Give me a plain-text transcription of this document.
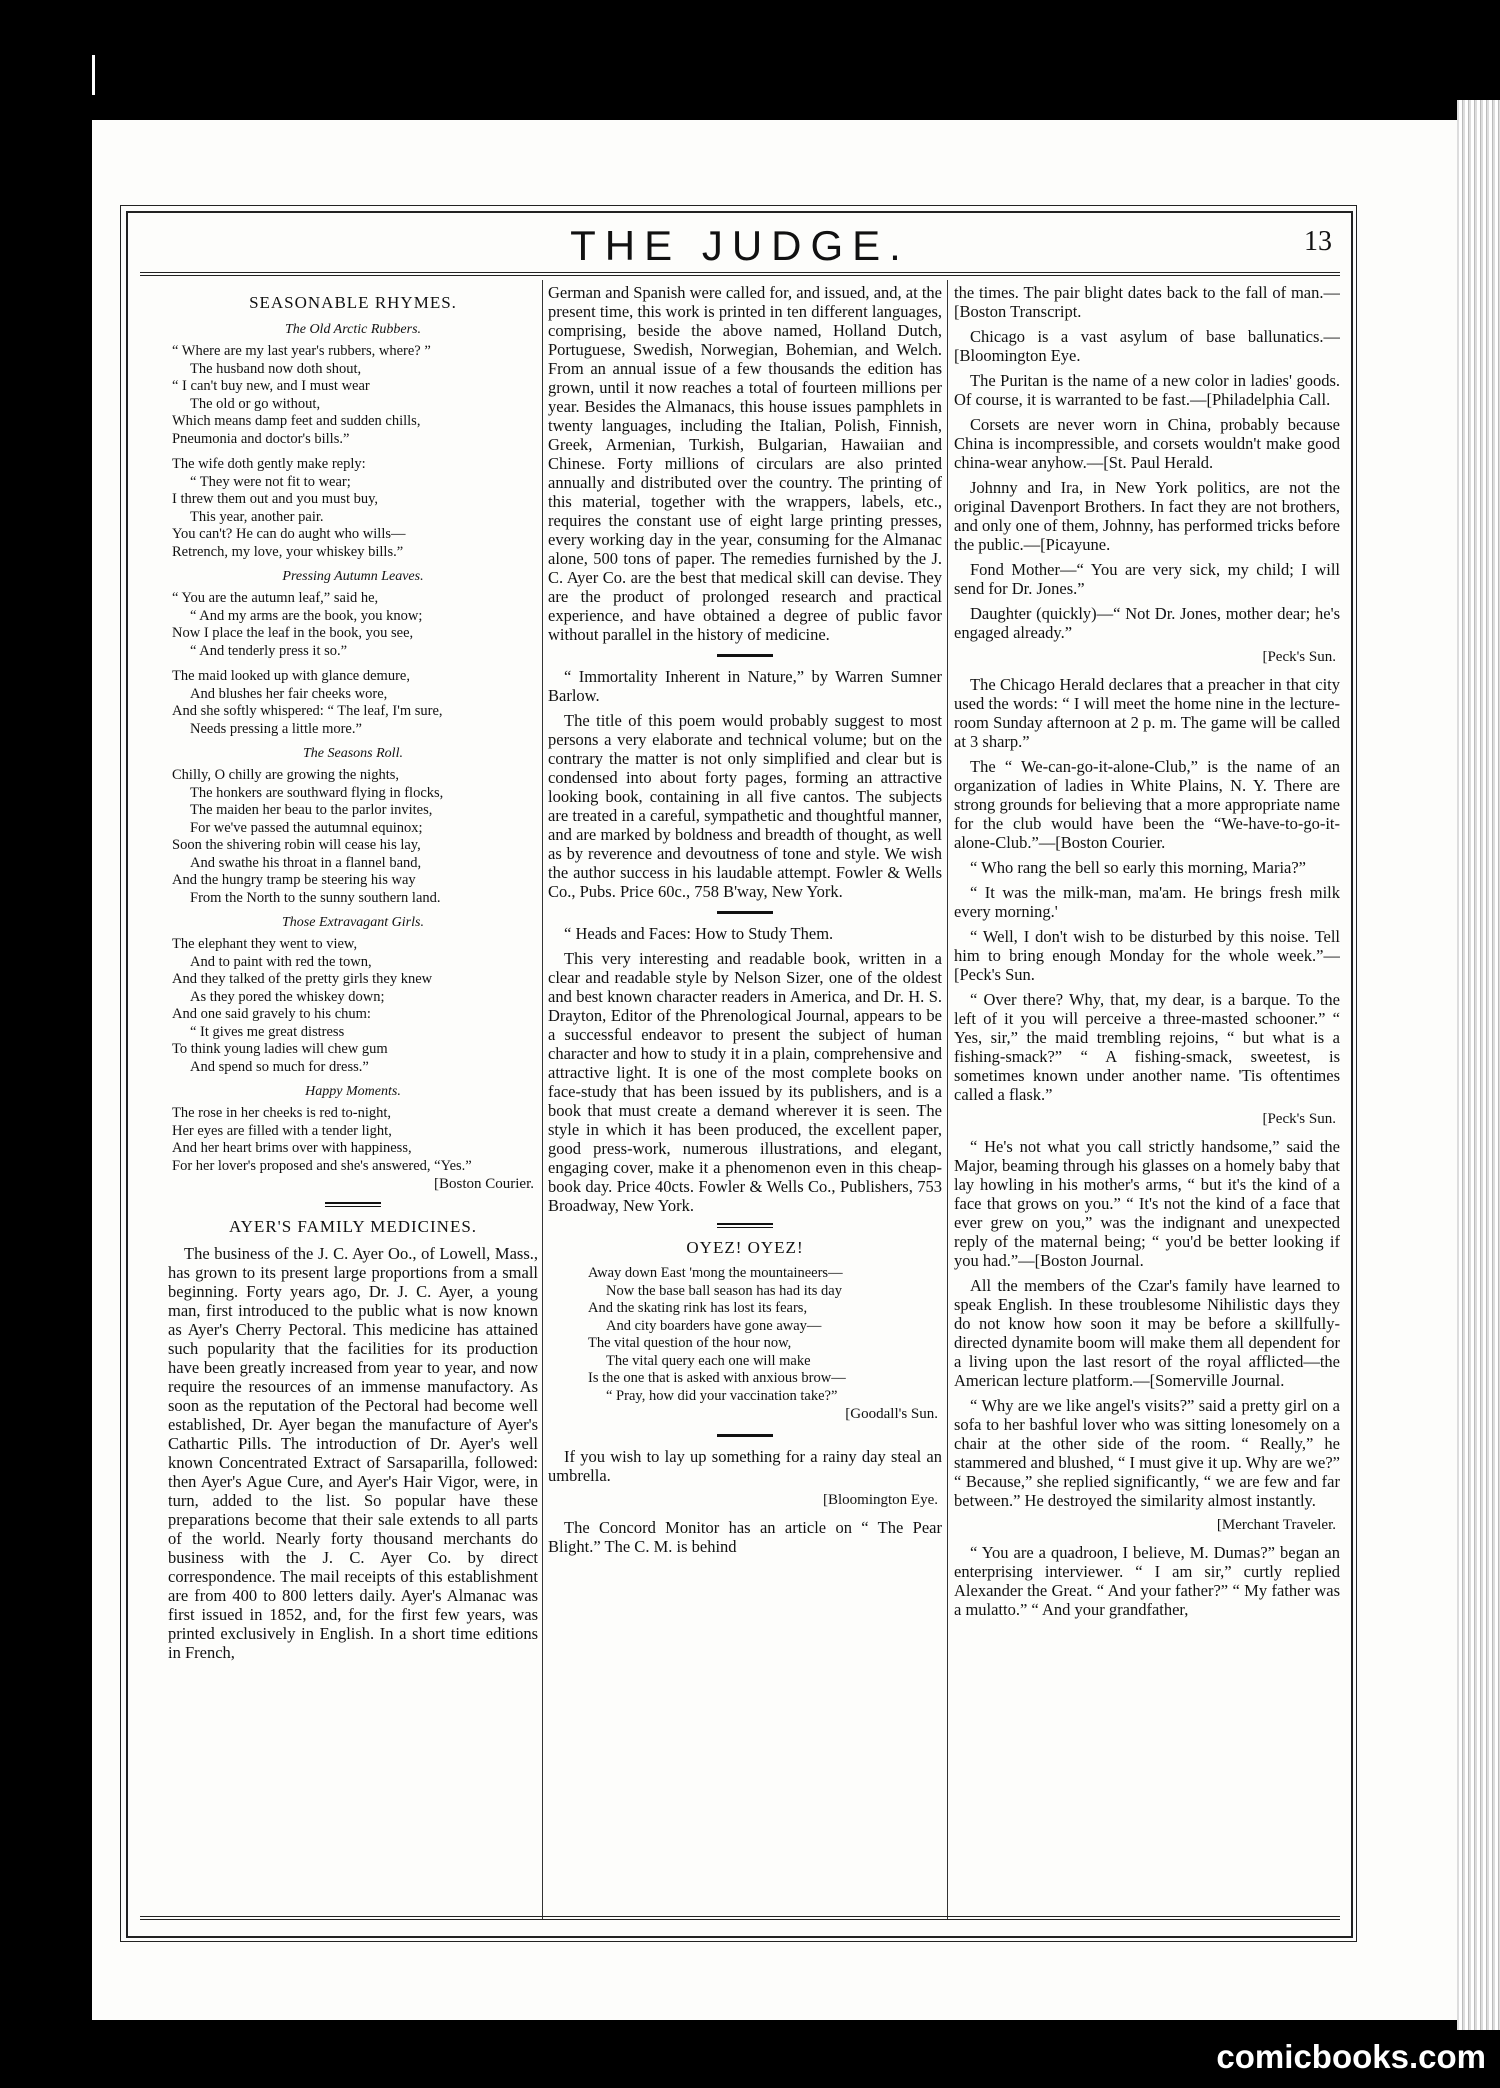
THE JUDGE.	13
SEASONABLE RHYMES.
The Old Arctic Rubbers.
“ Where are my last year's rubbers, where? ”
The husband now doth shout,
“ I can't buy new, and I must wear
The old or go without,
Which means damp feet and sudden chills,
Pneumonia and doctor's bills.”
The wife doth gently make reply:
“ They were not fit to wear;
I threw them out and you must buy,
This year, another pair.
You can't? He can do aught who wills—
Retrench, my love, your whiskey bills.”
Pressing Autumn Leaves.
“ You are the autumn leaf,” said he,
“ And my arms are the book, you know;
Now I place the leaf in the book, you see,
“ And tenderly press it so.”
The maid looked up with glance demure,
And blushes her fair cheeks wore,
And she softly whispered: “ The leaf, I'm sure,
Needs pressing a little more.”
The Seasons Roll.
Chilly, O chilly are growing the nights,
The honkers are southward flying in flocks,
The maiden her beau to the parlor invites,
For we've passed the autumnal equinox;
Soon the shivering robin will cease his lay,
And swathe his throat in a flannel band,
And the hungry tramp be steering his way
From the North to the sunny southern land.
Those Extravagant Girls.
The elephant they went to view,
And to paint with red the town,
And they talked of the pretty girls they knew
As they pored the whiskey down;
And one said gravely to his chum:
“ It gives me great distress
To think young ladies will chew gum
And spend so much for dress.”
Happy Moments.
The rose in her cheeks is red to-night,
Her eyes are filled with a tender light,
And her heart brims over with happiness,
For her lover's proposed and she's answered, “Yes.”
[Boston Courier.
AYER'S FAMILY MEDICINES.

The business of the J. C. Ayer Oo., of Lowell, Mass., has grown to its present large proportions from a small beginning. Forty years ago, Dr. J. C. Ayer, a young man, first introduced to the public what is now known as Ayer's Cherry Pectoral. This medicine has attained such popularity that the facilities for its production have been greatly increased from year to year, and now require the resources of an immense manufactory. As soon as the reputation of the Pectoral had become well established, Dr. Ayer began the manufacture of Ayer's Cathartic Pills. The introduction of Dr. Ayer's well known Concentrated Extract of Sarsaparilla, followed: then Ayer's Ague Cure, and Ayer's Hair Vigor, were, in turn, added to the list. So popular have these preparations become that their sale extends to all parts of the world. Nearly forty thousand merchants do business with the J. C. Ayer Co. by direct correspondence. The mail receipts of this establishment are from 400 to 800 letters daily. Ayer's Almanac was first issued in 1852, and, for the first few years, was printed exclusively in English. In a short time editions in French,

German and Spanish were called for, and issued, and, at the present time, this work is printed in ten different languages, comprising, beside the above named, Holland Dutch, Portuguese, Swedish, Norwegian, Bohemian, and Welch. From an annual issue of a few thousands the edition has grown, until it now reaches a total of fourteen millions per year. Besides the Almanacs, this house issues pamphlets in twenty languages, including the Italian, Polish, Finnish, Greek, Armenian, Turkish, Bulgarian, Hawaiian and Chinese. Forty millions of circulars are also printed annually and distributed over the country. The printing of this material, together with the wrappers, labels, etc., requires the constant use of eight large printing presses, every working day in the year, consuming for the Almanac alone, 500 tons of paper. The remedies furnished by the J. C. Ayer Co. are the best that medical skill can devise. They are the product of prolonged research and practical experience, and have obtained a degree of public favor without parallel in the history of medicine.

“ Immortality Inherent in Nature,” by Warren Sumner Barlow.

The title of this poem would probably suggest to most persons a very elaborate and technical volume; but on the contrary the matter is not only simplified and clear but is condensed into about forty pages, forming an attractive looking book, containing in all five cantos. The subjects are treated in a careful, sympathetic and thoughtful manner, and are marked by boldness and breadth of thought, as well as by reverence and devoutness of tone and style. We wish the author success in his laudable attempt. Fowler & Wells Co., Pubs. Price 60c., 758 B'way, New York.

“ Heads and Faces: How to Study Them.

This very interesting and readable book, written in a clear and readable style by Nelson Sizer, one of the oldest and best known character readers in America, and Dr. H. S. Drayton, Editor of the Phrenological Journal, appears to be a successful endeavor to present the subject of human character and how to study it in a plain, comprehensive and attractive light. It is one of the most complete books on face-study that has been issued by its publishers, and is a book that must create a demand wherever it is seen. The style in which it has been produced, the excellent paper, good press-work, numerous illustrations, and elegant, engaging cover, make it a phenomenon even in this cheap-book day. Price 40cts. Fowler & Wells Co., Publishers, 753 Broadway, New York.

OYEZ! OYEZ!
Away down East 'mong the mountaineers—
Now the base ball season has had its day
And the skating rink has lost its fears,
And city boarders have gone away—
The vital question of the hour now,
The vital query each one will make
Is the one that is asked with anxious brow—
“ Pray, how did your vaccination take?”
[Goodall's Sun.

If you wish to lay up something for a rainy day steal an umbrella.

[Bloomington Eye.

The Concord Monitor has an article on “ The Pear Blight.” The C. M. is behind

the times. The pair blight dates back to the fall of man.—[Boston Transcript.

Chicago is a vast asylum of base ballunatics.—[Bloomington Eye.

The Puritan is the name of a new color in ladies' goods. Of course, it is warranted to be fast.—[Philadelphia Call.

Corsets are never worn in China, probably because China is incompressible, and corsets wouldn't make good china-wear anyhow.—[St. Paul Herald.

Johnny and Ira, in New York politics, are not the original Davenport Brothers. In fact they are not brothers, and only one of them, Johnny, has performed tricks before the public.—[Picayune.

Fond Mother—“ You are very sick, my child; I will send for Dr. Jones.”

Daughter (quickly)—“ Not Dr. Jones, mother dear; he's engaged already.”

[Peck's Sun.

The Chicago Herald declares that a preacher in that city used the words: “ I will meet the home nine in the lecture-room Sunday afternoon at 2 p. m. The game will be called at 3 sharp.”

The “ We-can-go-it-alone-Club,” is the name of an organization of ladies in White Plains, N. Y. There are strong grounds for believing that a more appropriate name for the club would have been the “We-have-to-go-it-alone-Club.”—[Boston Courier.

“ Who rang the bell so early this morning, Maria?”

“ It was the milk-man, ma'am. He brings fresh milk every morning.'

“ Well, I don't wish to be disturbed by this noise. Tell him to bring enough Monday for the whole week.”—[Peck's Sun.

“ Over there? Why, that, my dear, is a barque. To the left of it you will perceive a three-masted schooner.” “ Yes, sir,” the maid trembling rejoins, “ but what is a fishing-smack?” “ A fishing-smack, sweetest, is sometimes known under another name. 'Tis oftentimes called a flask.”

[Peck's Sun.

“ He's not what you call strictly handsome,” said the Major, beaming through his glasses on a homely baby that lay howling in his mother's arms, “ but it's the kind of a face that grows on you.” “ It's not the kind of a face that ever grew on you,” was the indignant and unexpected reply of the maternal being; “ you'd be better looking if you had.”—[Boston Journal.

All the members of the Czar's family have learned to speak English. In these troublesome Nihilistic days they do not know how soon it may be before a skillfully-directed dynamite boom will make them all dependent for a living upon the last resort of the royal afflicted—the American lecture platform.—[Somerville Journal.

“ Why are we like angel's visits?” said a pretty girl on a sofa to her bashful lover who was sitting lonesomely on a chair at the other side of the room. “ Really,” he stammered and blushed, “ I must give it up. Why are we?” “ Because,” she replied significantly, “ we are few and far between.” He destroyed the similarity almost instantly.

[Merchant Traveler.

“ You are a quadroon, I believe, M. Dumas?” began an enterprising interviewer. “ I am sir,” curtly replied Alexander the Great. “ And your father?” “ My father was a mulatto.” “ And your grandfather,

comicbooks.com
